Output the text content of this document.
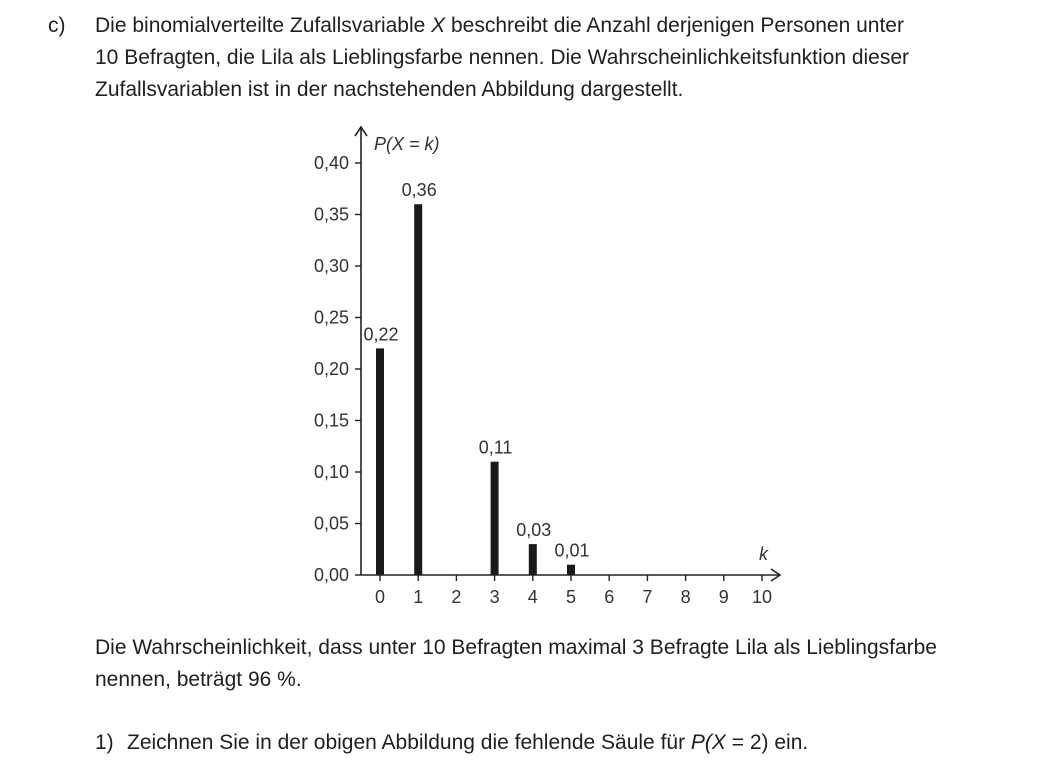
c) Die binomialverteilte Zufallsvariable X beschreibt die Anzahl derjenigen Personen unter
10 Befragten, die Lila als Lieblingsfarbe nennen. Die Wahrscheinlichkeitsfunktion dieser
Zufallsvariablen ist in der nachstehenden Abbildung dargestellt.
0,00
0,05
0,10
0,15
0,20
0,25
0,30
0,35
0,40
0 1 2 3 4 5 6 7 8 9 10
0,22
0,36
0,11
0,03
0,01
P(X = k)
k
Die Wahrscheinlichkeit, dass unter 10 Befragten maximal 3 Befragte Lila als Lieblingsfarbe
nennen, beträgt 96 %.
1) Zeichnen Sie in der obigen Abbildung die fehlende Säule für P(X = 2) ein.
